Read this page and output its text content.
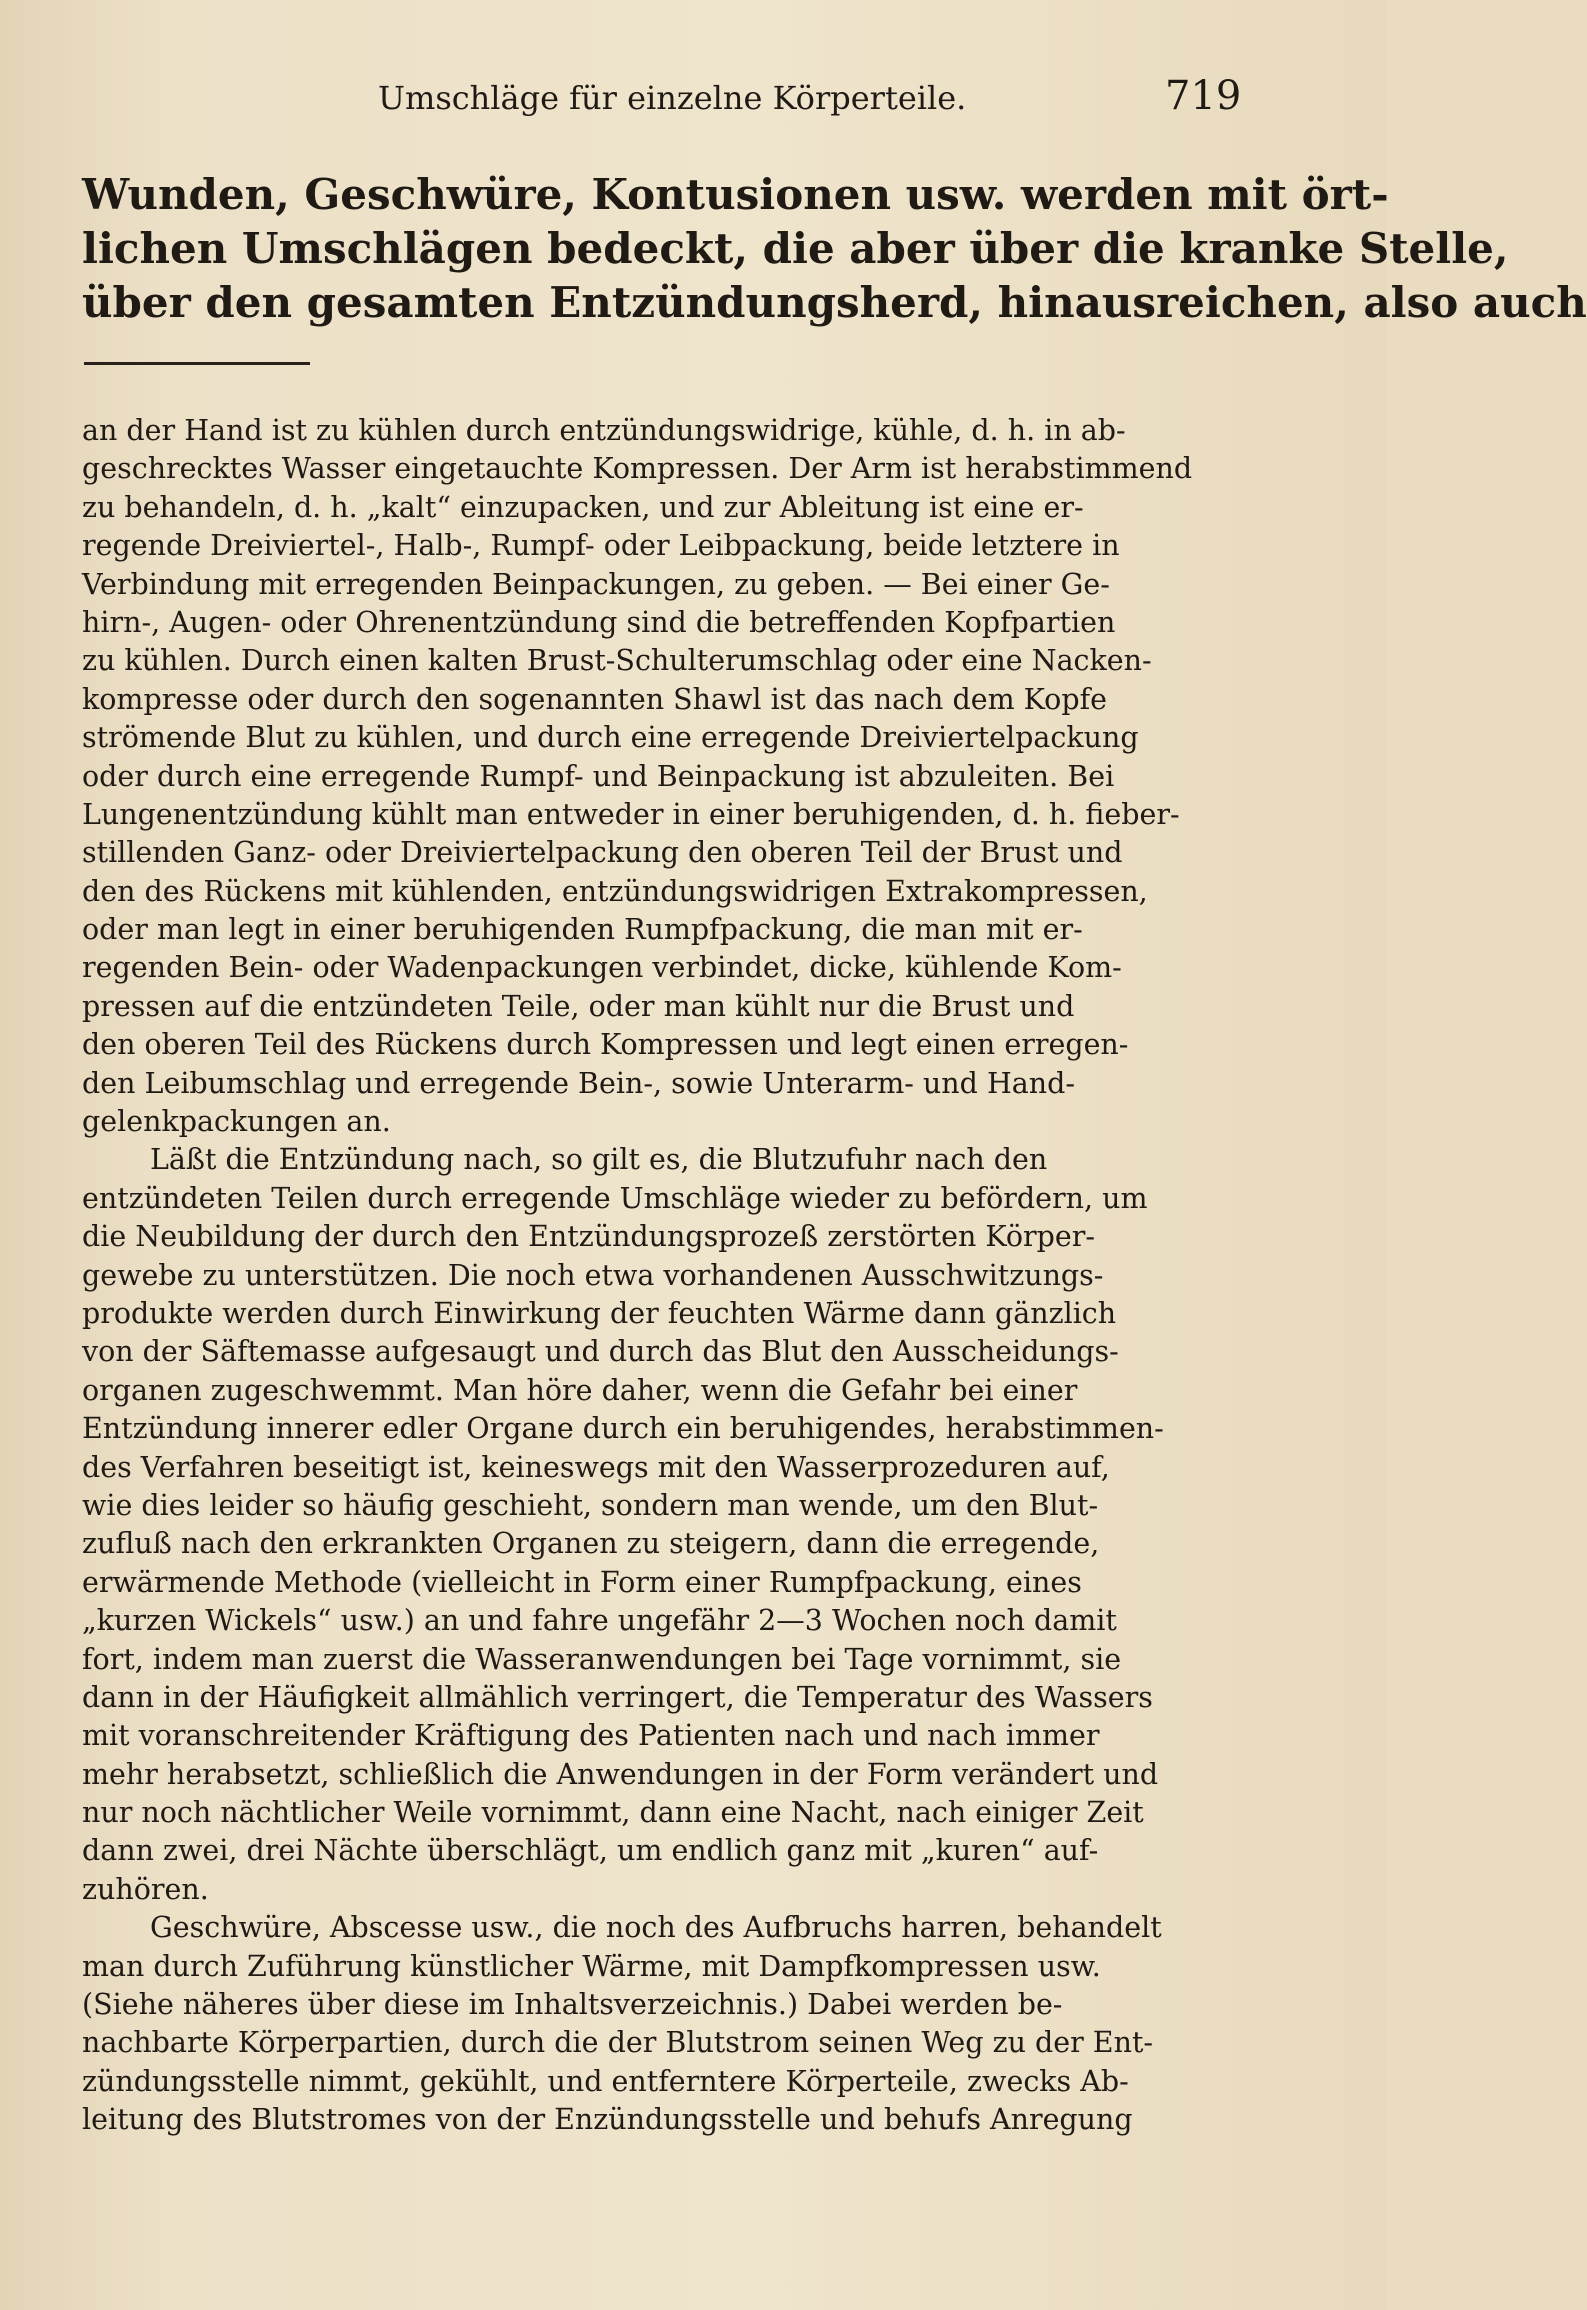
Umschläge für einzelne Körperteile.	719
Wunden, Geschwüre, Kontusionen usw. werden mit ört-
lichen Umschlägen bedeckt, die aber über die kranke Stelle,
über den gesamten Entzündungsherd, hinausreichen, also auch
an der Hand ist zu kühlen durch entzündungswidrige, kühle, d. h. in ab-
geschrecktes Wasser eingetauchte Kompressen. Der Arm ist herabstimmend
zu behandeln, d. h. „kalt“ einzupacken, und zur Ableitung ist eine er-
regende Dreiviertel-, Halb-, Rumpf- oder Leibpackung, beide letztere in
Verbindung mit erregenden Beinpackungen, zu geben. — Bei einer Ge-
hirn-, Augen- oder Ohrenentzündung sind die betreffenden Kopfpartien
zu kühlen. Durch einen kalten Brust-Schulterumschlag oder eine Nacken-
kompresse oder durch den sogenannten Shawl ist das nach dem Kopfe
strömende Blut zu kühlen, und durch eine erregende Dreiviertelpackung
oder durch eine erregende Rumpf- und Beinpackung ist abzuleiten. Bei
Lungenentzündung kühlt man entweder in einer beruhigenden, d. h. fieber-
stillenden Ganz- oder Dreiviertelpackung den oberen Teil der Brust und
den des Rückens mit kühlenden, entzündungswidrigen Extrakompressen,
oder man legt in einer beruhigenden Rumpfpackung, die man mit er-
regenden Bein- oder Wadenpackungen verbindet, dicke, kühlende Kom-
pressen auf die entzündeten Teile, oder man kühlt nur die Brust und
den oberen Teil des Rückens durch Kompressen und legt einen erregen-
den Leibumschlag und erregende Bein-, sowie Unterarm- und Hand-
gelenkpackungen an.
Läßt die Entzündung nach, so gilt es, die Blutzufuhr nach den
entzündeten Teilen durch erregende Umschläge wieder zu befördern, um
die Neubildung der durch den Entzündungsprozeß zerstörten Körper-
gewebe zu unterstützen. Die noch etwa vorhandenen Ausschwitzungs-
produkte werden durch Einwirkung der feuchten Wärme dann gänzlich
von der Säftemasse aufgesaugt und durch das Blut den Ausscheidungs-
organen zugeschwemmt. Man höre daher, wenn die Gefahr bei einer
Entzündung innerer edler Organe durch ein beruhigendes, herabstimmen-
des Verfahren beseitigt ist, keineswegs mit den Wasserprozeduren auf,
wie dies leider so häufig geschieht, sondern man wende, um den Blut-
zufluß nach den erkrankten Organen zu steigern, dann die erregende,
erwärmende Methode (vielleicht in Form einer Rumpfpackung, eines
„kurzen Wickels“ usw.) an und fahre ungefähr 2—3 Wochen noch damit
fort, indem man zuerst die Wasseranwendungen bei Tage vornimmt, sie
dann in der Häufigkeit allmählich verringert, die Temperatur des Wassers
mit voranschreitender Kräftigung des Patienten nach und nach immer
mehr herabsetzt, schließlich die Anwendungen in der Form verändert und
nur noch nächtlicher Weile vornimmt, dann eine Nacht, nach einiger Zeit
dann zwei, drei Nächte überschlägt, um endlich ganz mit „kuren“ auf-
zuhören.
Geschwüre, Abscesse usw., die noch des Aufbruchs harren, behandelt
man durch Zuführung künstlicher Wärme, mit Dampfkompressen usw.
(Siehe näheres über diese im Inhaltsverzeichnis.) Dabei werden be-
nachbarte Körperpartien, durch die der Blutstrom seinen Weg zu der Ent-
zündungsstelle nimmt, gekühlt, und entferntere Körperteile, zwecks Ab-
leitung des Blutstromes von der Enzündungsstelle und behufs Anregung
